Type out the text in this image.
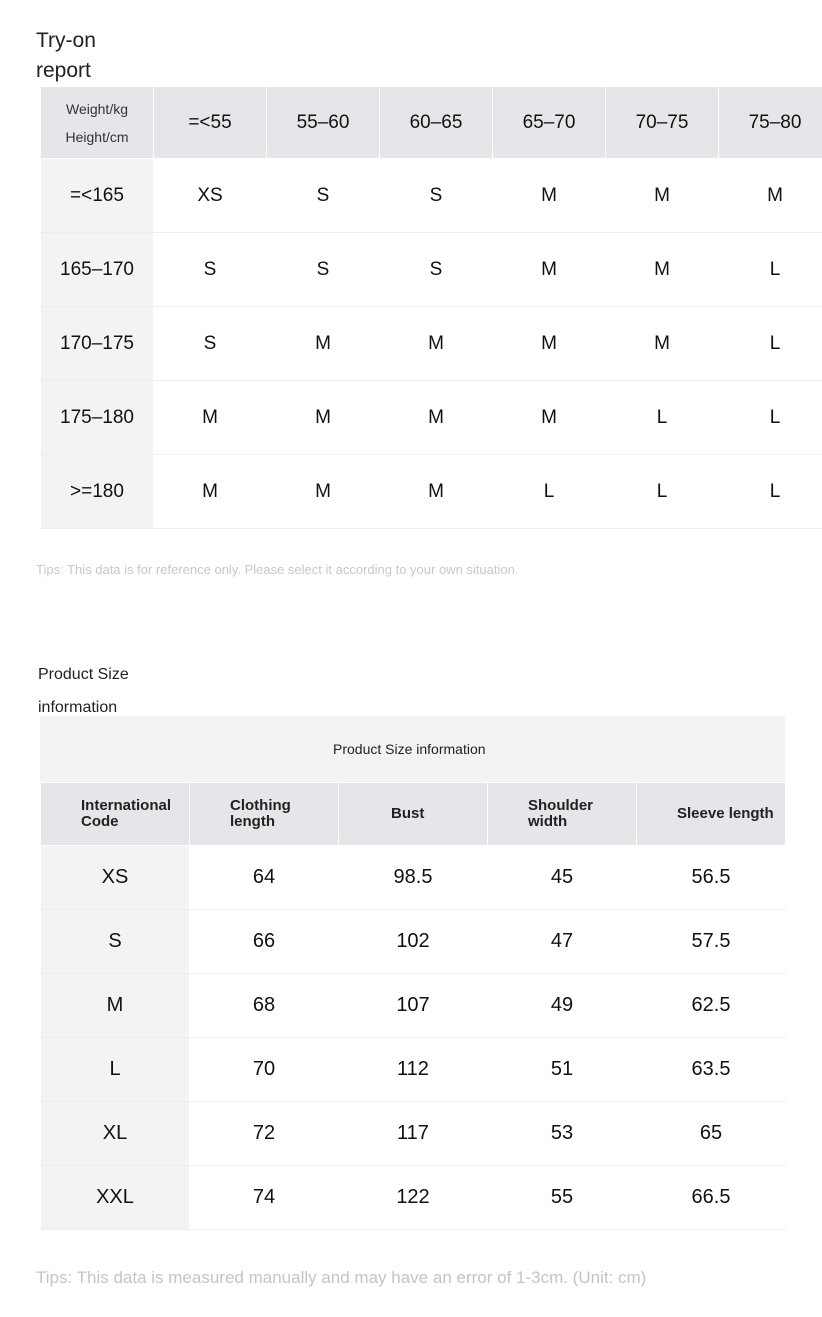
Try-on report
Weight/kg
Height/cm	=<55	55–60	60–65	65–70	70–75	75–80
=<165	XS	S	S	M	M	M
165–170	S	S	S	M	M	L
170–175	S	M	M	M	M	L
175–180	M	M	M	M	L	L
>=180	M	M	M	L	L	L
Tips: This data is for reference only. Please select it according to your own situation.
Product Size information
Product Size information
International Code	Clothing length	Bust	Shoulder width	Sleeve length
XS	64	98.5	45	56.5
S	66	102	47	57.5
M	68	107	49	62.5
L	70	112	51	63.5
XL	72	117	53	65
XXL	74	122	55	66.5
Tips: This data is measured manually and may have an error of 1-3cm. (Unit: cm)
